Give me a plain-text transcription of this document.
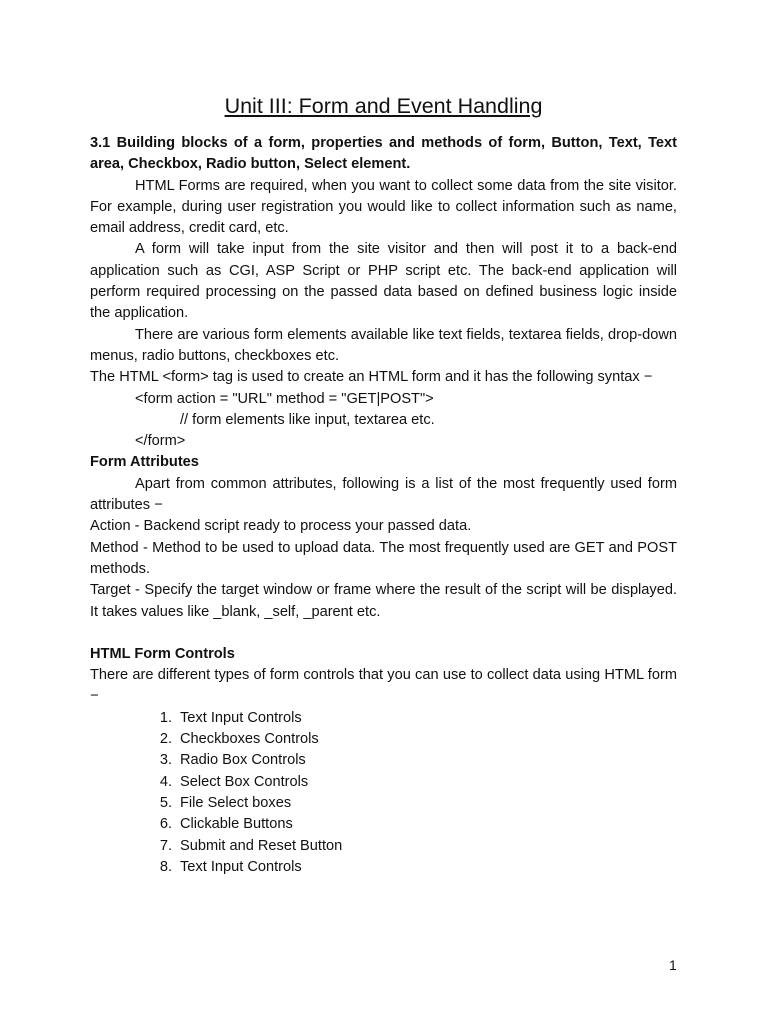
Unit III: Form and Event Handling

3.1 Building blocks of a form, properties and methods of form, Button, Text, Text area, Checkbox, Radio button, Select element.

HTML Forms are required, when you want to collect some data from the site visitor. For example, during user registration you would like to collect information such as name, email address, credit card, etc.

A form will take input from the site visitor and then will post it to a back-end application such as CGI, ASP Script or PHP script etc. The back-end application will perform required processing on the passed data based on defined business logic inside the application.

There are various form elements available like text fields, textarea fields, drop-down menus, radio buttons, checkboxes etc.

The HTML <form> tag is used to create an HTML form and it has the following syntax −

<form action = "URL" method = "GET|POST">

// form elements like input, textarea etc.

</form>

Form Attributes

Apart from common attributes, following is a list of the most frequently used form attributes −

Action - Backend script ready to process your passed data.

Method - Method to be used to upload data. The most frequently used are GET and POST methods.

Target - Specify the target window or frame where the result of the script will be displayed. It takes values like _blank, _self, _parent etc.

HTML Form Controls

There are different types of form controls that you can use to collect data using HTML form −

1. Text Input Controls
2. Checkboxes Controls
3. Radio Box Controls
4. Select Box Controls
5. File Select boxes
6. Clickable Buttons
7. Submit and Reset Button
8. Text Input Controls
1
